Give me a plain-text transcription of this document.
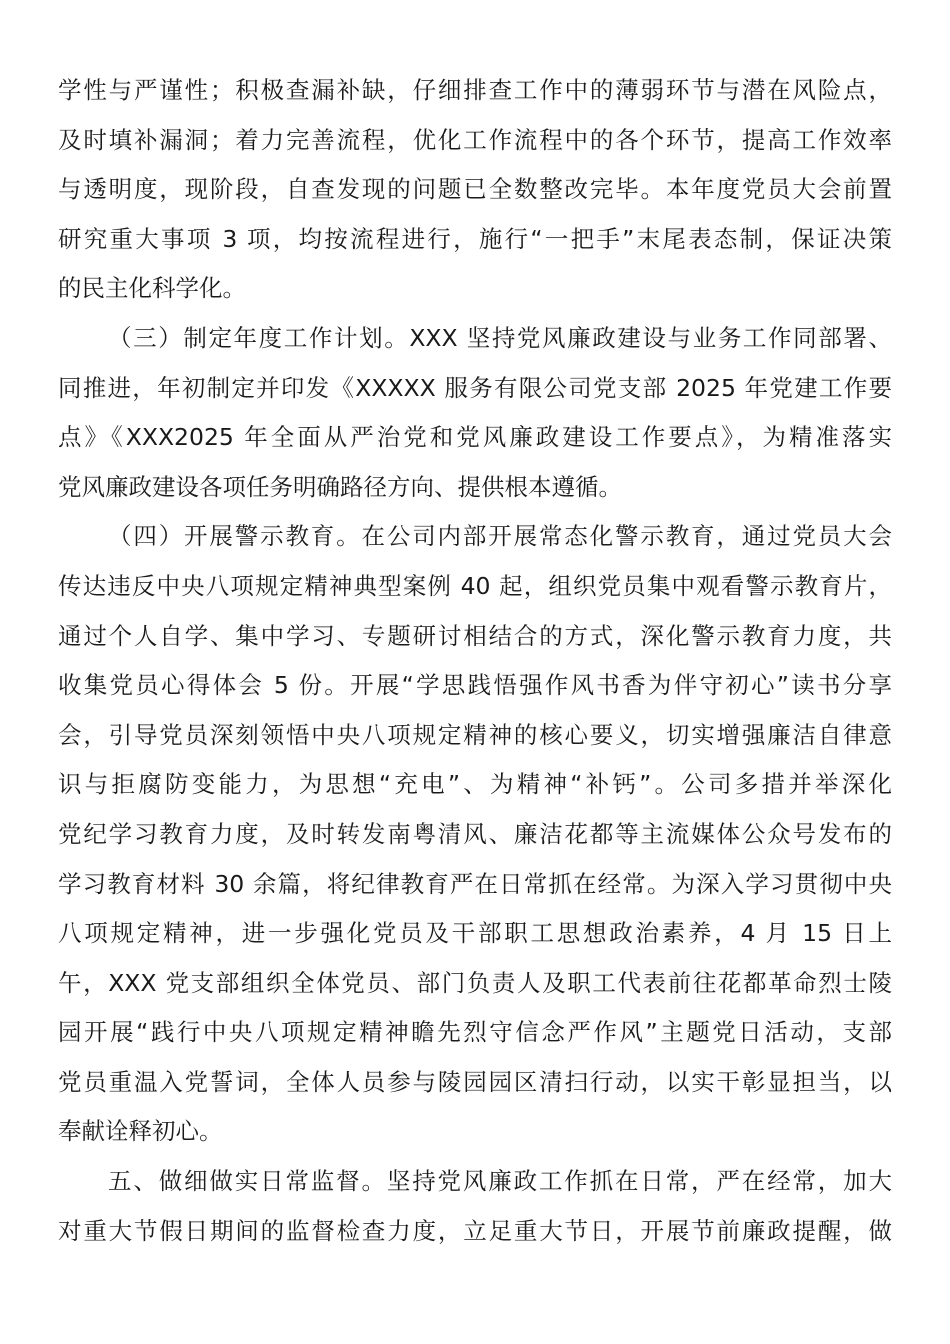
学性与严谨性；积极查漏补缺，仔细排查工作中的薄弱环节与潜在风险点，
及时填补漏洞；着力完善流程，优化工作流程中的各个环节，提高工作效率
与透明度，现阶段，自查发现的问题已全数整改完毕。本年度党员大会前置
研究重大事项 3 项，均按流程进行，施行“一把手”末尾表态制，保证决策
的民主化科学化。
（三）制定年度工作计划。XXX 坚持党风廉政建设与业务工作同部署、
同推进，年初制定并印发《XXXXX 服务有限公司党支部 2025 年党建工作要
点》《XXX2025 年全面从严治党和党风廉政建设工作要点》，为精准落实
党风廉政建设各项任务明确路径方向、提供根本遵循。
（四）开展警示教育。在公司内部开展常态化警示教育，通过党员大会
传达违反中央八项规定精神典型案例 40 起，组织党员集中观看警示教育片，
通过个人自学、集中学习、专题研讨相结合的方式，深化警示教育力度，共
收集党员心得体会 5 份。开展“学思践悟强作风书香为伴守初心”读书分享
会，引导党员深刻领悟中央八项规定精神的核心要义，切实增强廉洁自律意
识与拒腐防变能力，为思想“充电”、为精神“补钙”。公司多措并举深化
党纪学习教育力度，及时转发南粤清风、廉洁花都等主流媒体公众号发布的
学习教育材料 30 余篇，将纪律教育严在日常抓在经常。为深入学习贯彻中央
八项规定精神，进一步强化党员及干部职工思想政治素养，4 月 15 日上
午，XXX 党支部组织全体党员、部门负责人及职工代表前往花都革命烈士陵
园开展“践行中央八项规定精神瞻先烈守信念严作风”主题党日活动，支部
党员重温入党誓词，全体人员参与陵园园区清扫行动，以实干彰显担当，以
奉献诠释初心。
五、做细做实日常监督。坚持党风廉政工作抓在日常，严在经常，加大
对重大节假日期间的监督检查力度，立足重大节日，开展节前廉政提醒，做
